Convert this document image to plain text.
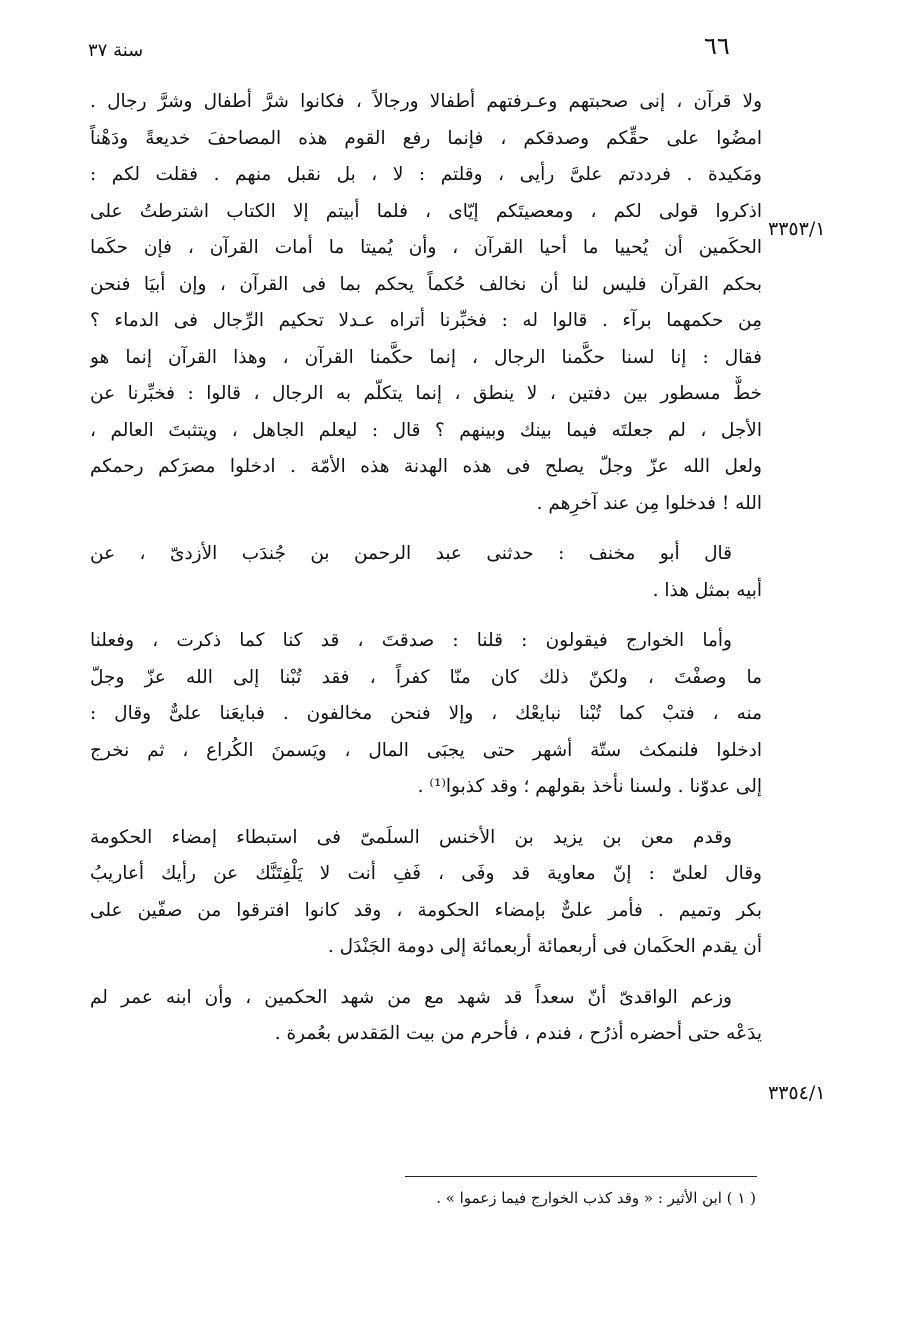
٦٦
سنة ٣٧
٣٣٥٣/١
٣٣٥٤/١
ولا قرآن ، إنى صحبتهم وعـرفتهم أطفالا ورجالاً ، فكانوا شرَّ أطفال وشرَّ رجال .
امضُوا على حقِّكم وصدقكم ، فإنما رفع القوم هذه المصاحفَ خديعةً ودَهْناً
ومَكيدة . فرددتم علىَّ رأيى ، وقلتم : لا ، بل نقبل منهم . فقلت لكم :
اذكروا قولى لكم ، ومعصيتَكم إيّاى ، فلما أبيتم إلا الكتاب اشترطتُ على
الحكَمين أن يُحييا ما أحيا القرآن ، وأن يُميتا ما أمات القرآن ، فإن حكَما
بحكم القرآن فليس لنا أن نخالف حُكماً يحكم بما فى القرآن ، وإن أبيَا فنحن
مِن حكمهما برآء . قالوا له : فخبِّرنا أتراه عـدلا تحكيم الرِّجال فى الدماء ؟
فقال : إنا لسنا حكَّمنا الرجال ، إنما حكَّمنا القرآن ، وهذا القرآن إنما هو
خطٌّ مسطور بين دفتين ، لا ينطق ، إنما يتكلّم به الرجال ، قالوا : فخبِّرنا عن
الأجل ، لم جعلتَه فيما بينك وبينهم ؟ قال : ليعلم الجاهل ، ويتثبتَ العالم ،
ولعل الله عزّ وجلّ يصلح فى هذه الهدنة هذه الأمّة . ادخلوا مصرَكم رحمكم
الله ! فدخلوا مِن عند آخرِهم .
قال أبو مخنف : حدثنى عبد الرحمن بن جُندَب الأزدىّ ، عن
أبيه بمثل هذا .
وأما الخوارج فيقولون : قلنا : صدقتَ ، قد كنا كما ذكرت ، وفعلنا
ما وصفْتَ ، ولكنّ ذلك كان منّا كفراً ، فقد تُبْنا إلى الله عزّ وجلّ
منه ، فتبْ كما تُبْنا نبايعْك ، وإلا فنحن مخالفون . فبايعَنا علىٌّ وقال :
ادخلوا فلنمكث ستّة أشهر حتى يجبَى المال ، ويَسمنَ الكُراع ، ثم نخرج
إلى عدوّنا . ولسنا نأخذ بقولهم ؛ وقد كذبوا⁽¹⁾ .
وقدم معن بن يزيد بن الأخنس السلَمىّ فى استبطاء إمضاء الحكومة
وقال لعلىّ : إنّ معاوية قد وفَى ، فَفِ أنت لا يَلْفِتَنَّك عن رأيك أعاريبُ
بكر وتميم . فأمر علىٌّ بإمضاء الحكومة ، وقد كانوا افترقوا من صفّين على
أن يقدم الحكَمان فى أربعمائة أربعمائة إلى دومة الجَنْدَل .
وزعم الواقدىّ أنّ سعداً قد شهد مع من شهد الحكمين ، وأن ابنه عمر لم
يدَعْه حتى أحضره أذرُح ، فندم ، فأحرم من بيت المَقدس بعُمرة .
( ١ ) ابن الأثير : « وقد كذب الخوارج فيما زعموا » .
